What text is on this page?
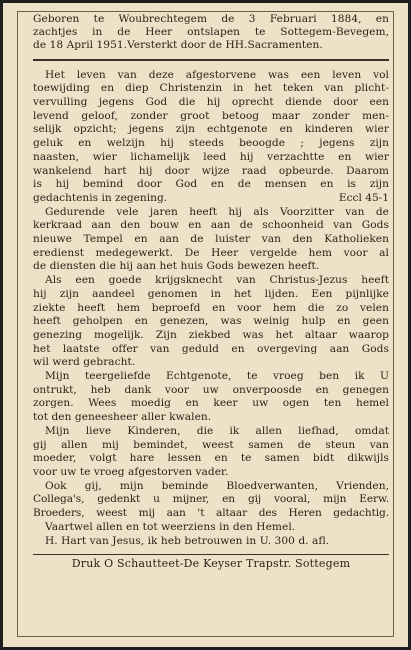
Geboren te Woubrechtegem de 3 Februari 1884, en
zachtjes in de Heer ontslapen te Sottegem-Bevegem,
de 18 April 1951.Versterkt door de HH.Sacramenten.
Het leven van deze afgestorvene was een leven vol
toewijding en diep Christenzin in het teken van plicht-
vervulling jegens God die hij oprecht diende door een
levend geloof, zonder groot betoog maar zonder men-
selijk opzicht; jegens zijn echtgenote en kinderen wier
geluk en welzijn hij steeds beoogde ; jegens zijn
naasten, wier lichamelijk leed hij verzachtte en wier
wankelend hart hij door wijze raad opbeurde. Daarom
is hij bemind door God en de mensen en is zijn
gedachtenis in zegening.	Eccl 45-1
Gedurende vele jaren heeft hij als Voorzitter van de
kerkraad aan den bouw en aan de schoonheid van Gods
nieuwe Tempel en aan de luister van den Katholieken
eredienst medegewerkt. De Heer vergelde hem voor al
de diensten die hij aan het huis Gods bewezen heeft.
Als een goede krijgsknecht van Christus-Jezus heeft
hij zijn aandeel genomen in het lijden. Een pijnlijke
ziekte heeft hem beproefd en voor hem die zo velen
heeft geholpen en genezen, was weinig hulp en geen
genezing mogelijk. Zijn ziekbed was het altaar waarop
het laatste offer van geduld en overgeving aan Gods
wil werd gebracht.
Mijn teergeliefde Echtgenote, te vroeg ben ik U
ontrukt, heb dank voor uw onverpoosde en genegen
zorgen. Wees moedig en keer uw ogen ten hemel
tot den geneesheer aller kwalen.
Mijn lieve Kinderen, die ik allen liefhad, omdat
gij allen mij bemindet, weest samen de steun van
moeder, volgt hare lessen en te samen bidt dikwijls
voor uw te vroeg afgestorven vader.
Ook gij, mijn beminde Bloedverwanten, Vrienden,
Collega's, gedenkt u mijner, en gij vooral, mijn Eerw.
Broeders, weest mij aan 't altaar des Heren gedachtig.
Vaartwel allen en tot weerziens in den Hemel.
H. Hart van Jesus, ik heb betrouwen in U. 300 d. afl.
Druk O Schautteet-De Keyser Trapstr. Sottegem
